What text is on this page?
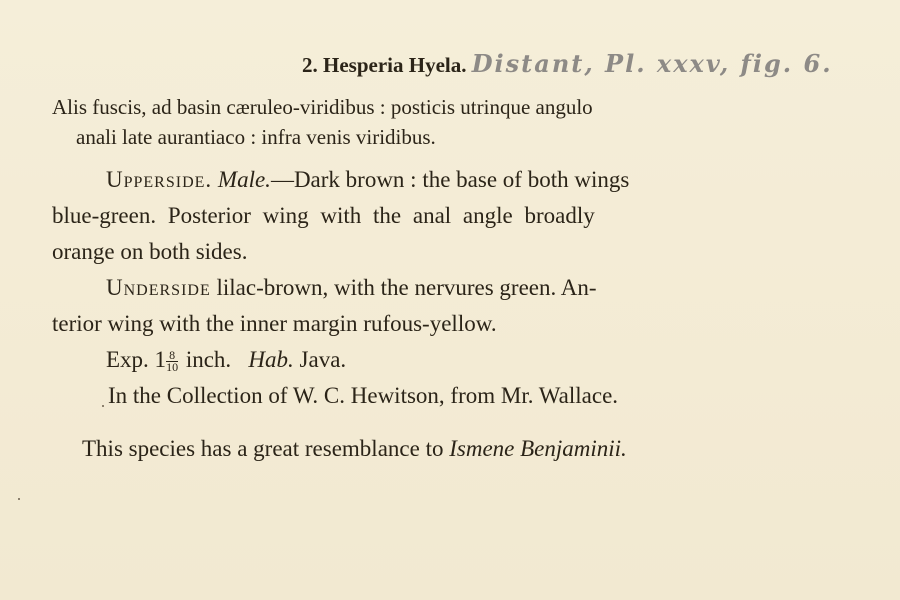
2. Hesperia Hyela. Distant, Pl. xxxv, fig. 6.
Alis fuscis, ad basin cæruleo-viridibus : posticis utrinque angulo
anali late aurantiaco : infra venis viridibus.
Upperside. Male.—Dark brown : the base of both wings
blue-green. Posterior wing with the anal angle broadly
orange on both sides.
Underside lilac-brown, with the nervures green. An-
terior wing with the inner margin rufous-yellow.
Exp. $1 \frac{8}{10}$ inch. Hab. Java.
In the Collection of W. C. Hewitson, from Mr. Wallace.
This species has a great resemblance to Ismene Benjaminii.
